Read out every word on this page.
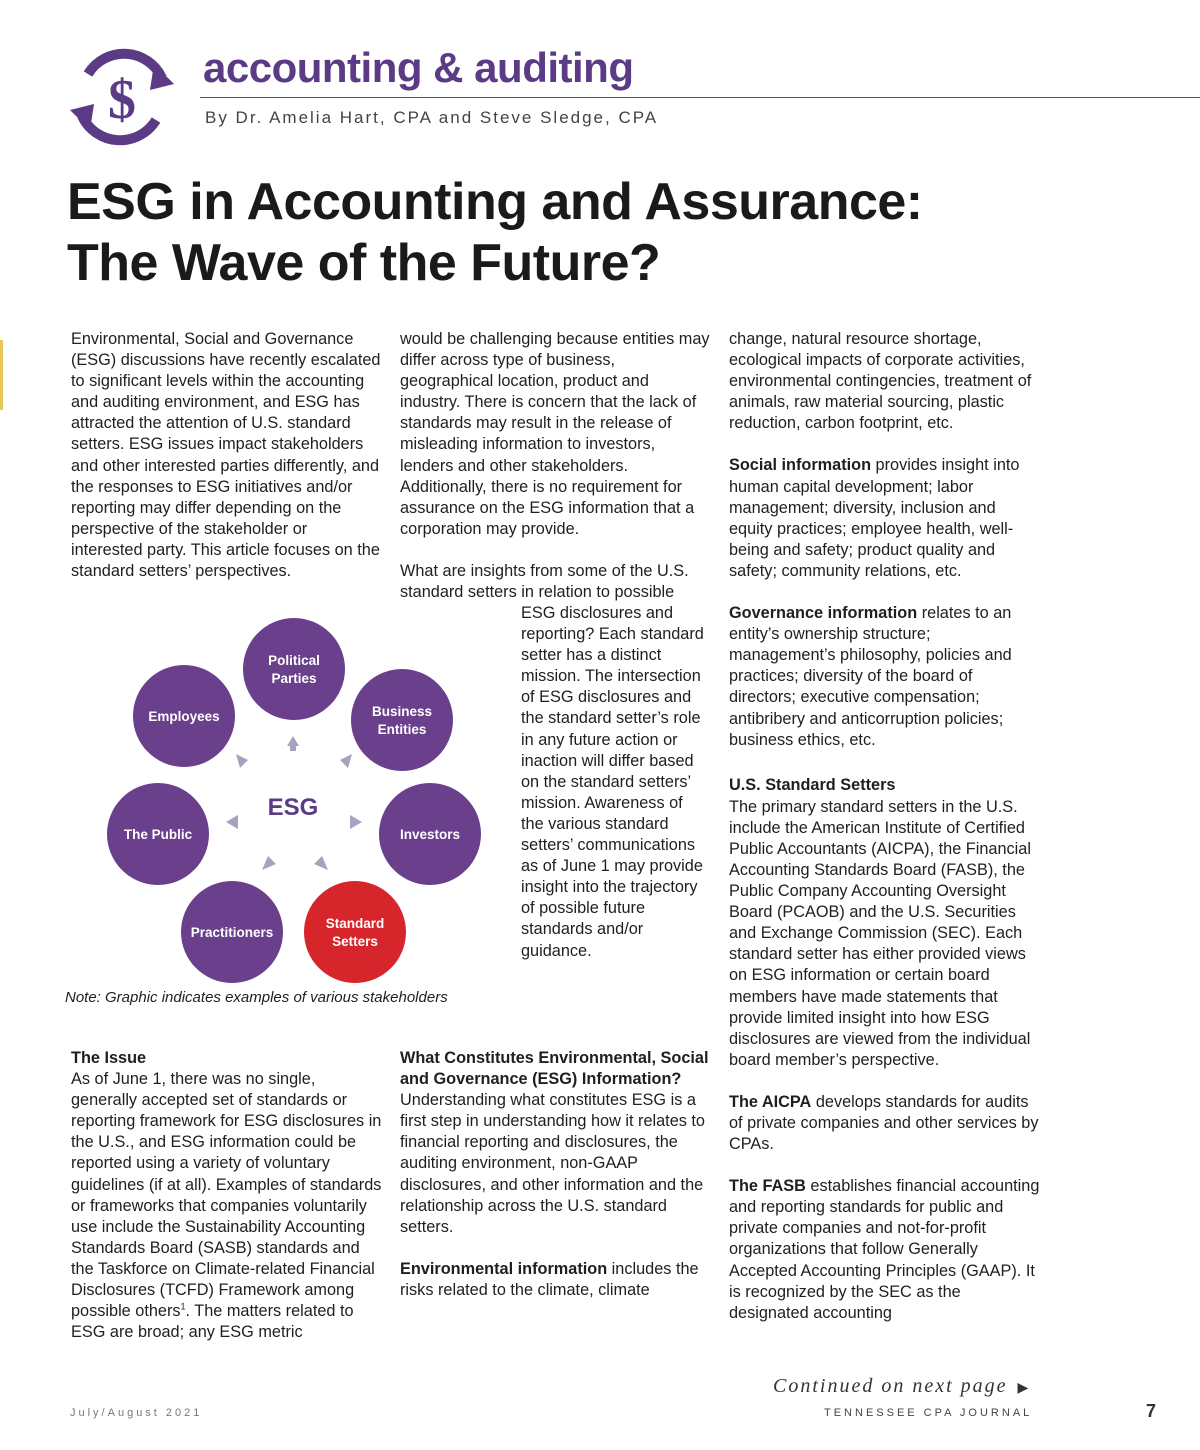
$
accounting & auditing
By Dr. Amelia Hart, CPA and Steve Sledge, CPA
ESG in Accounting and Assurance:
The Wave of the Future?

Environmental, Social and Governance (ESG) discussions have recently escalated to significant levels within the accounting and auditing environment, and ESG has attracted the attention of U.S. standard setters. ESG issues impact stakeholders and other interested parties differently, and the responses to ESG initiatives and/or reporting may differ depending on the perspective of the stakeholder or interested party. This article focuses on the standard setters’ perspectives.

The Issue

As of June 1, there was no single, generally accepted set of standards or reporting framework for ESG disclosures in the U.S., and ESG information could be reported using a variety of voluntary guidelines (if at all). Examples of standards or frameworks that companies voluntarily use include the Sustainability Accounting Standards Board (SASB) standards and the Taskforce on Climate-related Financial Disclosures (TCFD) Framework among possible others$^1$. The matters related to ESG are broad; any ESG metric

Political
Parties
Business
Entities
Investors
Standard
Setters
Practitioners
The Public
Employees
ESG
Note: Graphic indicates examples of various stakeholders

would be challenging because entities may differ across type of business, geographical location, product and industry. There is concern that the lack of standards may result in the release of misleading information to investors, lenders and other stakeholders. Additionally, there is no requirement for assurance on the ESG information that a corporation may provide.

What are insights from some of the U.S. standard setters in relation to possible

ESG disclosures and reporting? Each standard setter has a distinct mission. The intersection of ESG disclosures and the standard setter’s role in any future action or inaction will differ based on the standard setters’ mission. Awareness of the various standard setters’ communications as of June 1 may provide insight into the trajectory of possible future standards and/or guidance.

What Constitutes Environmental, Social and Governance (ESG) Information?

Understanding what constitutes ESG is a first step in understanding how it relates to financial reporting and disclosures, the auditing environment, non-GAAP disclosures, and other information and the relationship across the U.S. standard setters.

Environmental information includes the risks related to the climate, climate

change, natural resource shortage, ecological impacts of corporate activities, environmental contingencies, treatment of animals, raw material sourcing, plastic reduction, carbon footprint, etc.

Social information provides insight into human capital development; labor management; diversity, inclusion and equity practices; employee health, well-being and safety; product quality and safety; community relations, etc.

Governance information relates to an entity’s ownership structure; management’s philosophy, policies and practices; diversity of the board of directors; executive compensation; antibribery and anticorruption policies; business ethics, etc.

U.S. Standard Setters

The primary standard setters in the U.S. include the American Institute of Certified Public Accountants (AICPA), the Financial Accounting Standards Board (FASB), the Public Company Accounting Oversight Board (PCAOB) and the U.S. Securities and Exchange Commission (SEC). Each standard setter has either provided views on ESG information or certain board members have made statements that provide limited insight into how ESG disclosures are viewed from the individual board member’s perspective.

The AICPA develops standards for audits of private companies and other services by CPAs.

The FASB establishes financial accounting and reporting standards for public and private companies and not-for-profit organizations that follow Generally Accepted Accounting Principles (GAAP). It is recognized by the SEC as the designated accounting

Continued on next page ▶
July/August 2021	TENNESSEE CPA JOURNAL	7
